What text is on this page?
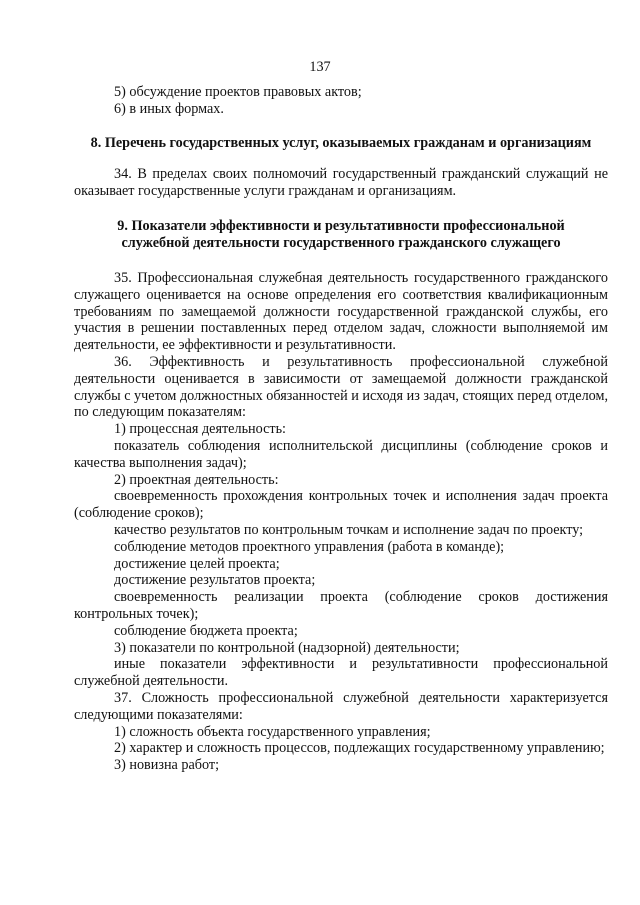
137

5) обсуждение проектов правовых актов;

6) в иных формах.

8. Перечень государственных услуг, оказываемых гражданам и организациям
34. В пределах своих полномочий государственный гражданский служащий не оказывает государственные услуги гражданам и организациям.

9. Показатели эффективности и результативности профессиональной

служебной деятельности государственного гражданского служащего

35. Профессиональная служебная деятельность государственного гражданского служащего оценивается на основе определения его соответствия квалификационным требованиям по замещаемой должности государственной гражданской службы, его участия в решении поставленных перед отделом задач, сложности выполняемой им деятельности, ее эффективности и результативности.

36. Эффективность и результативность профессиональной служебной деятельности оценивается в зависимости от замещаемой должности гражданской службы с учетом должностных обязанностей и исходя из задач, стоящих перед отделом, по следующим показателям:

1) процессная деятельность:

показатель соблюдения исполнительской дисциплины (соблюдение сроков и качества выполнения задач);

2) проектная деятельность:

своевременность прохождения контрольных точек и исполнения задач проекта (соблюдение сроков);

качество результатов по контрольным точкам и исполнение задач по проекту;

соблюдение методов проектного управления (работа в команде);

достижение целей проекта;

достижение результатов проекта;

своевременность реализации проекта (соблюдение сроков достижения контрольных точек);

соблюдение бюджета проекта;

3) показатели по контрольной (надзорной) деятельности;

иные показатели эффективности и результативности профессиональной служебной деятельности.

37. Сложность профессиональной служебной деятельности характеризуется следующими показателями:

1) сложность объекта государственного управления;

2) характер и сложность процессов, подлежащих государственному управлению;

3) новизна работ;
